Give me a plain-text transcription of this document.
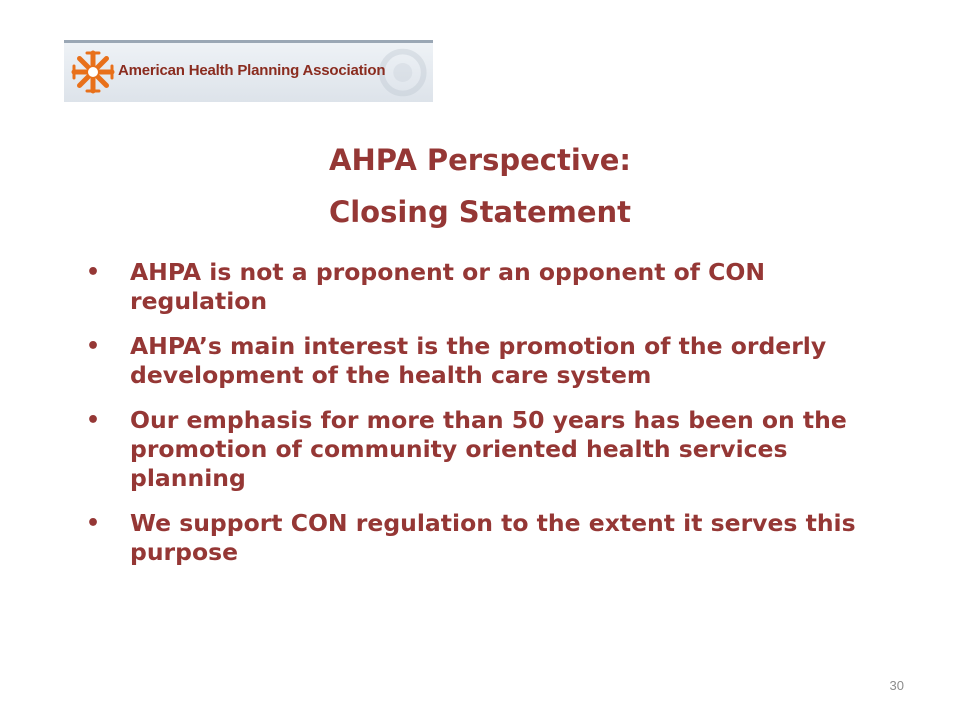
American Health Planning Association
AHPA Perspective:
Closing Statement
• AHPA is not a proponent or an opponent of CON regulation
• AHPA’s main interest is the promotion of the orderly development of the health care system
• Our emphasis for more than 50 years has been on the promotion of community oriented health services planning
• We support CON regulation to the extent it serves this purpose
30
